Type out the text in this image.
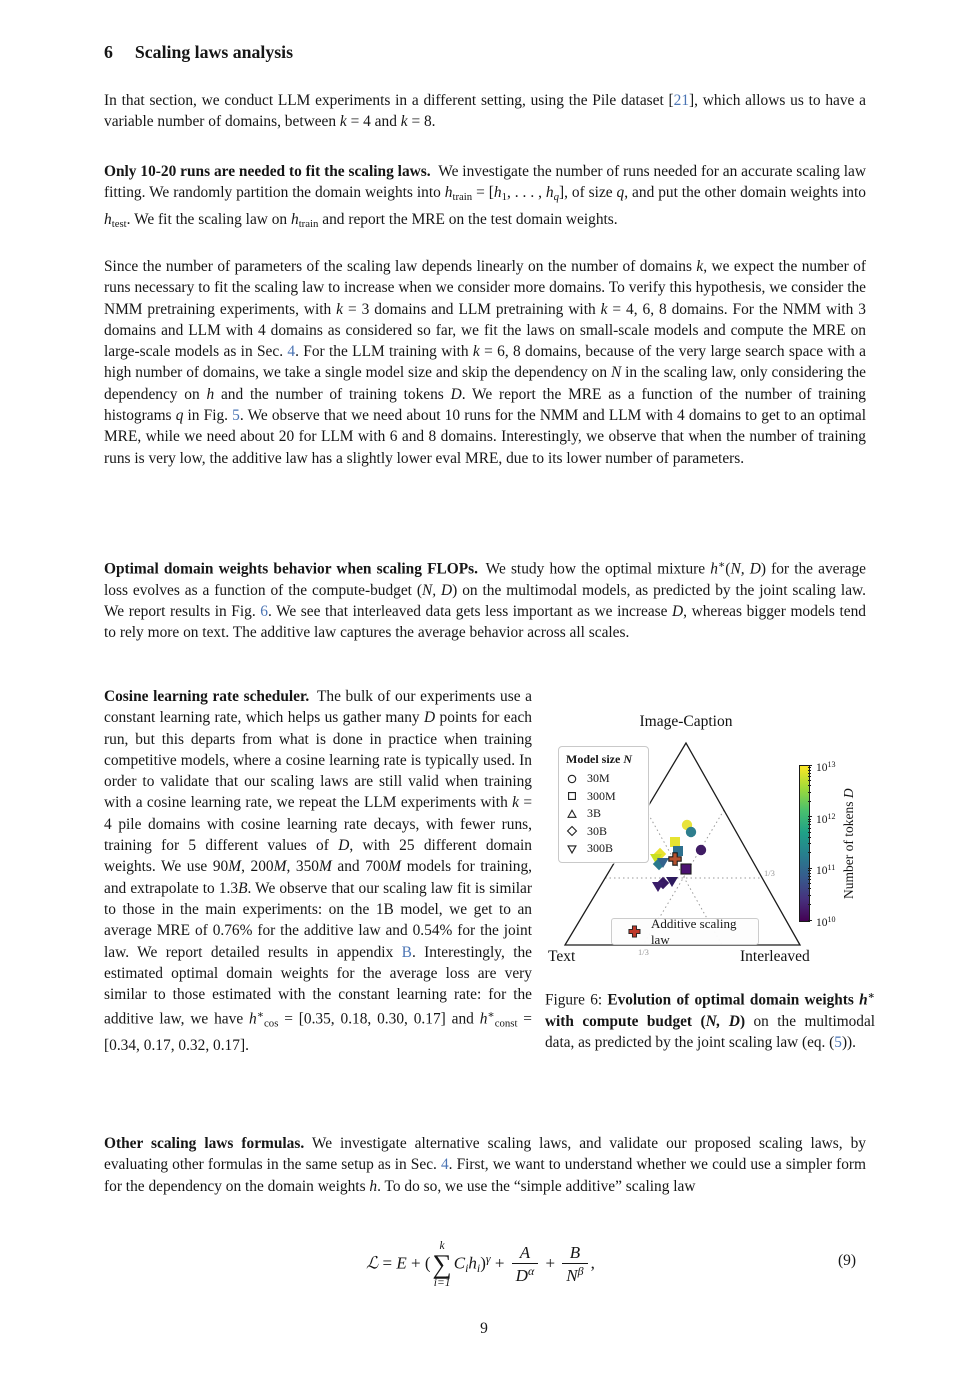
6 Scaling laws analysis
In that section, we conduct LLM experiments in a different setting, using the Pile dataset [21], which allows us to have a variable number of domains, between k = 4 and k = 8.
Only 10-20 runs are needed to fit the scaling laws. We investigate the number of runs needed for an accurate scaling law fitting. We randomly partition the domain weights into $h_{train} = [h_1$, . . . , $h_q$], of size q, and put the other domain weights into $h_{test}$. We fit the scaling law on $h_{train}$ and report the MRE on the test domain weights.
Since the number of parameters of the scaling law depends linearly on the number of domains k, we expect the number of runs necessary to fit the scaling law to increase when we consider more domains. To verify this hypothesis, we consider the NMM pretraining experiments, with k = 3 domains and LLM pretraining with k = 4, 6, 8 domains. For the NMM with 3 domains and LLM with 4 domains as considered so far, we fit the laws on small-scale models and compute the MRE on large-scale models as in Sec. 4. For the LLM training with k = 6, 8 domains, because of the very large search space with a high number of domains, we take a single model size and skip the dependency on N in the scaling law, only considering the dependency on h and the number of training tokens D. We report the MRE as a function of the number of training histograms q in Fig. 5. We observe that we need about 10 runs for the NMM and LLM with 4 domains to get to an optimal MRE, while we need about 20 for LLM with 6 and 8 domains. Interestingly, we observe that when the number of training runs is very low, the additive law has a slightly lower eval MRE, due to its lower number of parameters.
Optimal domain weights behavior when scaling FLOPs. We study how the optimal mixture h∗(N, D) for the average loss evolves as a function of the compute-budget (N, D) on the multimodal models, as predicted by the joint scaling law. We report results in Fig. 6. We see that interleaved data gets less important as we increase D, whereas bigger models tend to rely more on text. The additive law captures the average behavior across all scales.
Cosine learning rate scheduler. The bulk of our experiments use a constant learning rate, which helps us gather many D points for each run, but this departs from what is done in practice when training competitive models, where a cosine learning rate is typically used. In order to validate that our scaling laws are still valid when training with a cosine learning rate, we repeat the LLM experiments with k = 4 pile domains with cosine learning rate decays, with fewer runs, training for 5 different values of D, with 25 different domain weights. We use 90M, 200M, 350M and 700M models for training, and extrapolate to 1.3B. We observe that our scaling law fit is similar to those in the main experiments: on the 1B model, we get to an average MRE of 0.76% for the additive law and 0.54% for the joint law. We report detailed results in appendix B. Interestingly, the estimated optimal domain weights for the average loss are very similar to those estimated with the constant learning rate: for the additive law, we have $h^∗_{cos} = [0.35$, 0.18, 0.30, 0.17] and $h^∗_{const} = [0.34$, 0.17, 0.32, 0.17].
Image-Caption
Text	Interleaved
1/3
1/3
Model size N
30M
300M
3B
30B
300B
Additive scaling law
$10^{13}$
$10^{12}$
$10^{11}$
$10^{10}$
Number of tokens D
Figure 6: Evolution of optimal domain weights h∗ with compute budget (N, D) on the multimodal data, as predicted by the joint scaling law (eq. (5)).
Other scaling laws formulas. We investigate alternative scaling laws, and validate our proposed scaling laws, by evaluating other formulas in the same setup as in Sec. 4. First, we want to understand whether we could use a simpler form for the dependency on the domain weights h. To do so, we use the “simple additive” scaling law
ℒ = E + (
k
∑
i=1
$C_ih_i)^\gamma + \frac{A}{D^\alpha} + \frac{B}{N^\beta}$ ,	(9)
9
